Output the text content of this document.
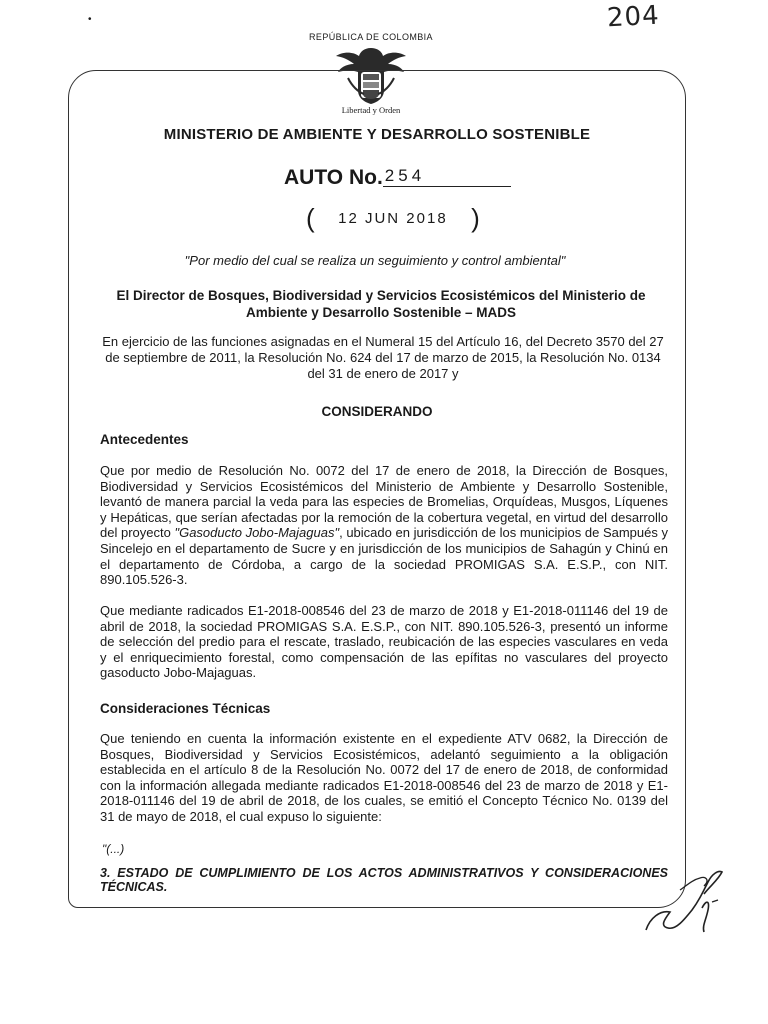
204
•
REPÚBLICA DE COLOMBIA
Libertad y Orden
MINISTERIO DE AMBIENTE Y DESARROLLO SOSTENIBLE
AUTO No. 254
( 12 JUN 2018 )
"Por medio del cual se realiza un seguimiento y control ambiental"
El Director de Bosques, Biodiversidad y Servicios Ecosistémicos del Ministerio de Ambiente y Desarrollo Sostenible – MADS
En ejercicio de las funciones asignadas en el Numeral 15 del Artículo 16, del Decreto 3570 del 27 de septiembre de 2011, la Resolución No. 624 del 17 de marzo de 2015, la Resolución No. 0134 del 31 de enero de 2017 y
CONSIDERANDO
Antecedentes
Que por medio de Resolución No. 0072 del 17 de enero de 2018, la Dirección de Bosques, Biodiversidad y Servicios Ecosistémicos del Ministerio de Ambiente y Desarrollo Sostenible, levantó de manera parcial la veda para las especies de Bromelias, Orquídeas, Musgos, Líquenes y Hepáticas, que serían afectadas por la remoción de la cobertura vegetal, en virtud del desarrollo del proyecto "Gasoducto Jobo-Majaguas", ubicado en jurisdicción de los municipios de Sampués y Sincelejo en el departamento de Sucre y en jurisdicción de los municipios de Sahagún y Chinú en el departamento de Córdoba, a cargo de la sociedad PROMIGAS S.A. E.S.P., con NIT. 890.105.526-3.
Que mediante radicados E1-2018-008546 del 23 de marzo de 2018 y E1-2018-011146 del 19 de abril de 2018, la sociedad PROMIGAS S.A. E.S.P., con NIT. 890.105.526-3, presentó un informe de selección del predio para el rescate, traslado, reubicación de las especies vasculares en veda y el enriquecimiento forestal, como compensación de las epífitas no vasculares del proyecto gasoducto Jobo-Majaguas.
Consideraciones Técnicas
Que teniendo en cuenta la información existente en el expediente ATV 0682, la Dirección de Bosques, Biodiversidad y Servicios Ecosistémicos, adelantó seguimiento a la obligación establecida en el artículo 8 de la Resolución No. 0072 del 17 de enero de 2018, de conformidad con la información allegada mediante radicados E1-2018-008546 del 23 de marzo de 2018 y E1-2018-011146 del 19 de abril de 2018, de los cuales, se emitió el Concepto Técnico No. 0139 del 31 de mayo de 2018, el cual expuso lo siguiente:
"(...)
3. ESTADO DE CUMPLIMIENTO DE LOS ACTOS ADMINISTRATIVOS Y CONSIDERACIONES TÉCNICAS.
